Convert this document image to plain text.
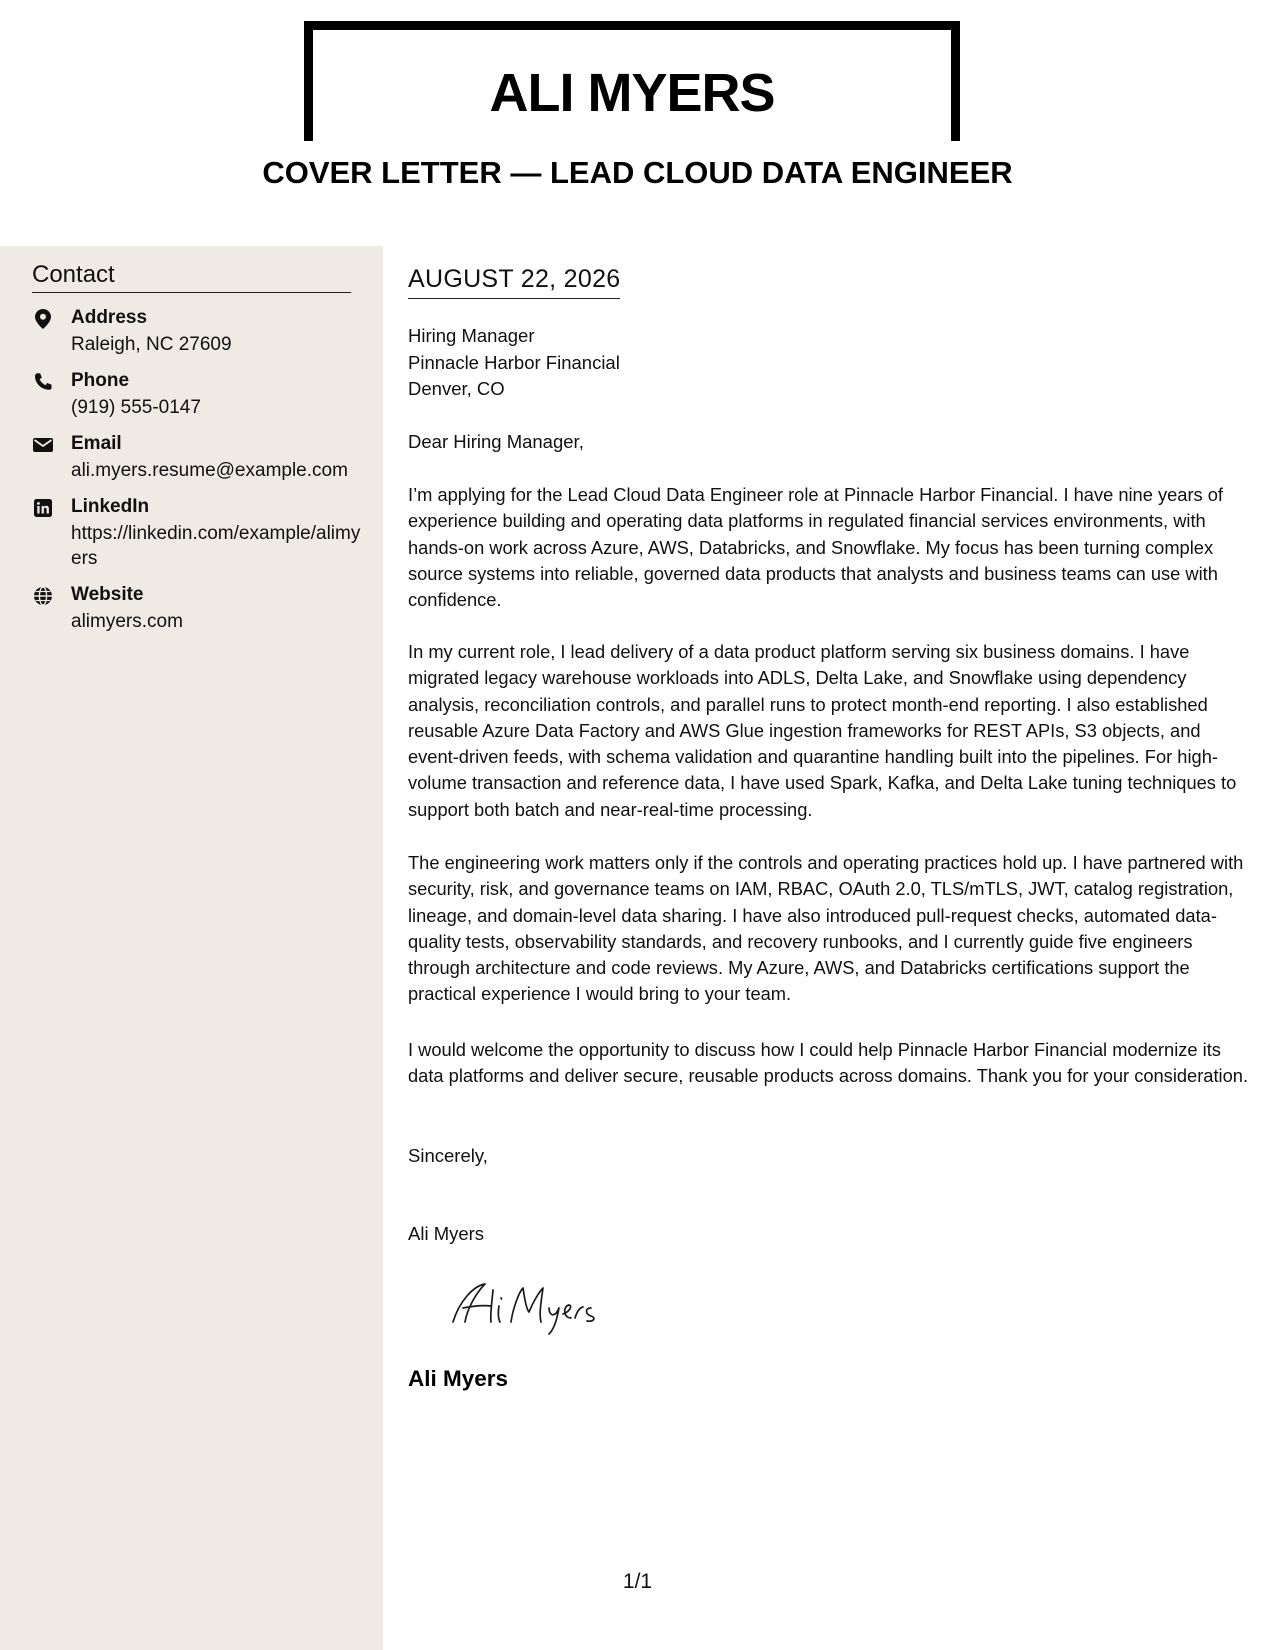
ALI MYERS
COVER LETTER — LEAD CLOUD DATA ENGINEER
Contact
Address
Raleigh, NC 27609
Phone
(919) 555-0147
Email
ali.myers.resume@example.com
LinkedIn
https://linkedin.com/example/alimyers
Website
alimyers.com
AUGUST 22, 2026
Hiring Manager
Pinnacle Harbor Financial
Denver, CO
Dear Hiring Manager,

I’m applying for the Lead Cloud Data Engineer role at Pinnacle Harbor Financial. I have nine years of experience building and operating data platforms in regulated financial services environments, with hands-on work across Azure, AWS, Databricks, and Snowflake. My focus has been turning complex source systems into reliable, governed data products that analysts and business teams can use with confidence.

In my current role, I lead delivery of a data product platform serving six business domains. I have migrated legacy warehouse workloads into ADLS, Delta Lake, and Snowflake using dependency analysis, reconciliation controls, and parallel runs to protect month-end reporting. I also established reusable Azure Data Factory and AWS Glue ingestion frameworks for REST APIs, S3 objects, and event-driven feeds, with schema validation and quarantine handling built into the pipelines. For high-volume transaction and reference data, I have used Spark, Kafka, and Delta Lake tuning techniques to support both batch and near-real-time processing.

The engineering work matters only if the controls and operating practices hold up. I have partnered with security, risk, and governance teams on IAM, RBAC, OAuth 2.0, TLS/mTLS, JWT, catalog registration, lineage, and domain-level data sharing. I have also introduced pull-request checks, automated data-quality tests, observability standards, and recovery runbooks, and I currently guide five engineers through architecture and code reviews. My Azure, AWS, and Databricks certifications support the practical experience I would bring to your team.

I would welcome the opportunity to discuss how I could help Pinnacle Harbor Financial modernize its data platforms and deliver secure, reusable products across domains. Thank you for your consideration.

Sincerely,
Ali Myers
Ali Myers
1/1
